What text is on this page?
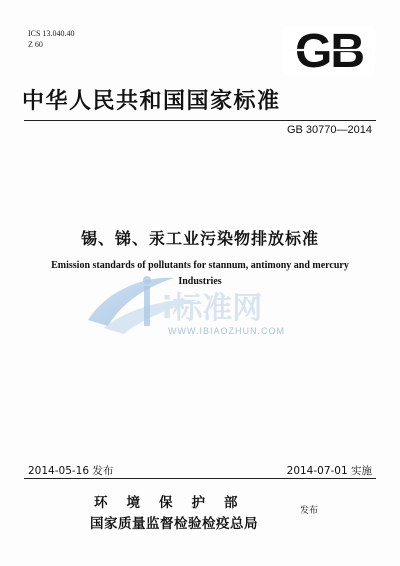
ICS 13.040.40
Z 60	GB
中华人民共和国国家标准
GB 30770—2014
锡、锑、汞工业污染物排放标准
Emission standards of pollutants for stannum, antimony and mercury
Industries
i标准网
WWW.IBIAOZHUN.COM
2014-05-16 发布	2014-07-01 实施
环境保护部
国家质量监督检验检疫总局
发布
